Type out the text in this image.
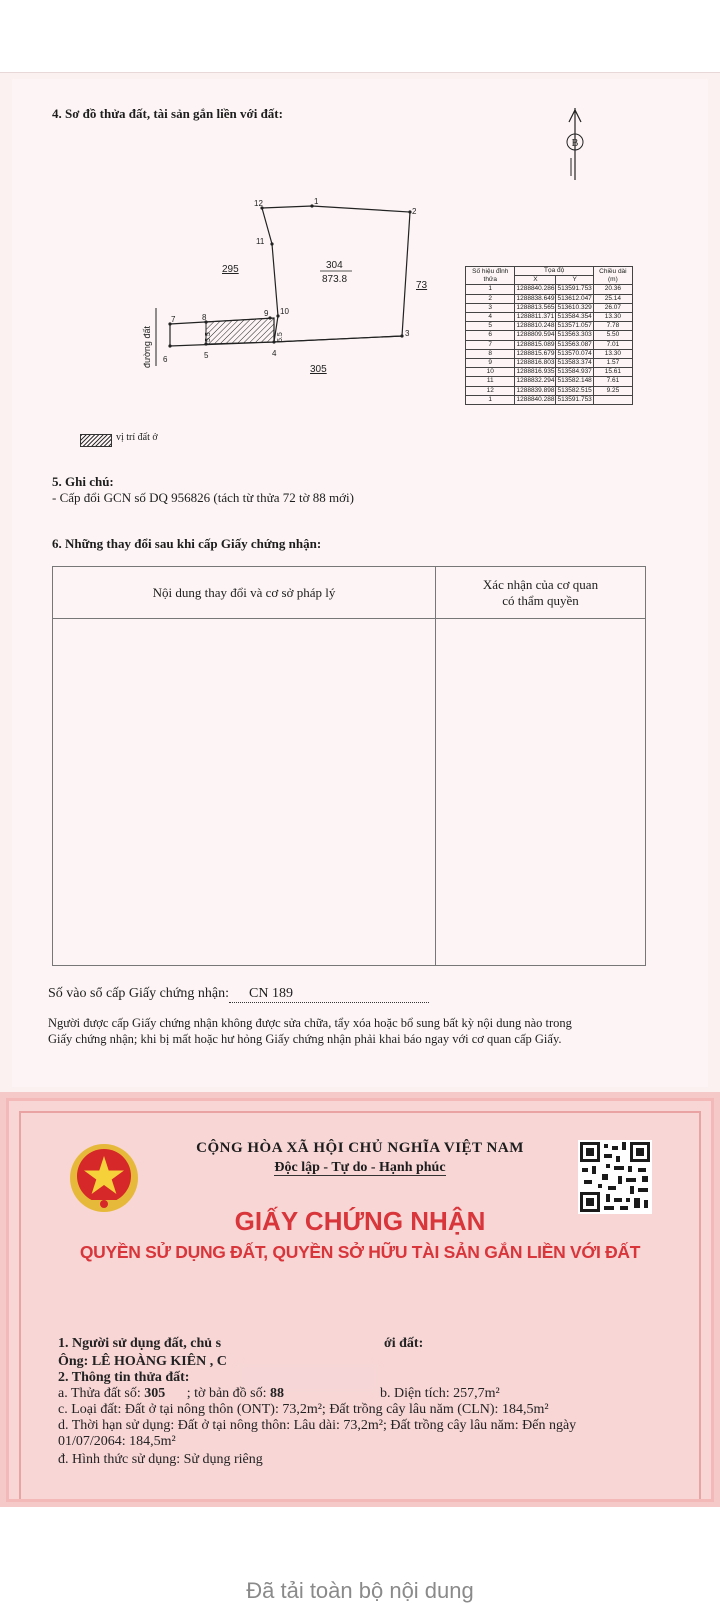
4. Sơ đồ thửa đất, tài sản gắn liền với đất:
B
1
2
3
4
5
6
7	8	9 10
11
12
295	304
873.8
73
305
đường đất	5.5	5.5
Số hiệu đỉnh thửa	Tọa độ		Chiều dài (m)
	X	Y	
1	1288840.286	513591.753	20.36
2	1288838.649	513612.047	25.14
3	1288813.565	513610.329	26.07
4	1288811.371	513584.354	13.30
5	1288810.248	513571.057	7.78
6	1288809.594	513563.303	5.50
7	1288815.089	513563.087	7.01
8	1288815.679	513570.074	13.30
9	1288816.803	513583.374	1.57
10	1288816.935	513584.937	15.61
11	1288832.294	513582.148	7.61
12	1288839.898	513582.515	9.25
1	1288840.288	513591.753	
vị trí đất ở
5. Ghi chú:
- Cấp đổi GCN số DQ 956826 (tách từ thửa 72 tờ 88 mới)
6. Những thay đổi sau khi cấp Giấy chứng nhận:
Nội dung thay đổi và cơ sở pháp lý	Xác nhận của cơ quan
có thẩm quyền

Số vào sổ cấp Giấy chứng nhận: CN 189
Người được cấp Giấy chứng nhận không được sửa chữa, tẩy xóa hoặc bổ sung bất kỳ nội dung nào trong
Giấy chứng nhận; khi bị mất hoặc hư hỏng Giấy chứng nhận phải khai báo ngay với cơ quan cấp Giấy.
CỘNG HÒA XÃ HỘI CHỦ NGHĨA VIỆT NAM
Độc lập - Tự do - Hạnh phúc
GIẤY CHỨNG NHẬN
QUYỀN SỬ DỤNG ĐẤT, QUYỀN SỞ HỮU TÀI SẢN GẮN LIỀN VỚI ĐẤT
1. Người sử dụng đất, chủ s	ới đất:
Ông: LÊ HOÀNG KIÊN , C
2. Thông tin thửa đất:
a. Thửa đất số: 305 ; tờ bản đồ số: 88	b. Diện tích: 257,7m²
c. Loại đất: Đất ở tại nông thôn (ONT): 73,2m²; Đất trồng cây lâu năm (CLN): 184,5m²
d. Thời hạn sử dụng: Đất ở tại nông thôn: Lâu dài: 73,2m²; Đất trồng cây lâu năm: Đến ngày
01/07/2064: 184,5m²
đ. Hình thức sử dụng: Sử dụng riêng
Đã tải toàn bộ nội dung
